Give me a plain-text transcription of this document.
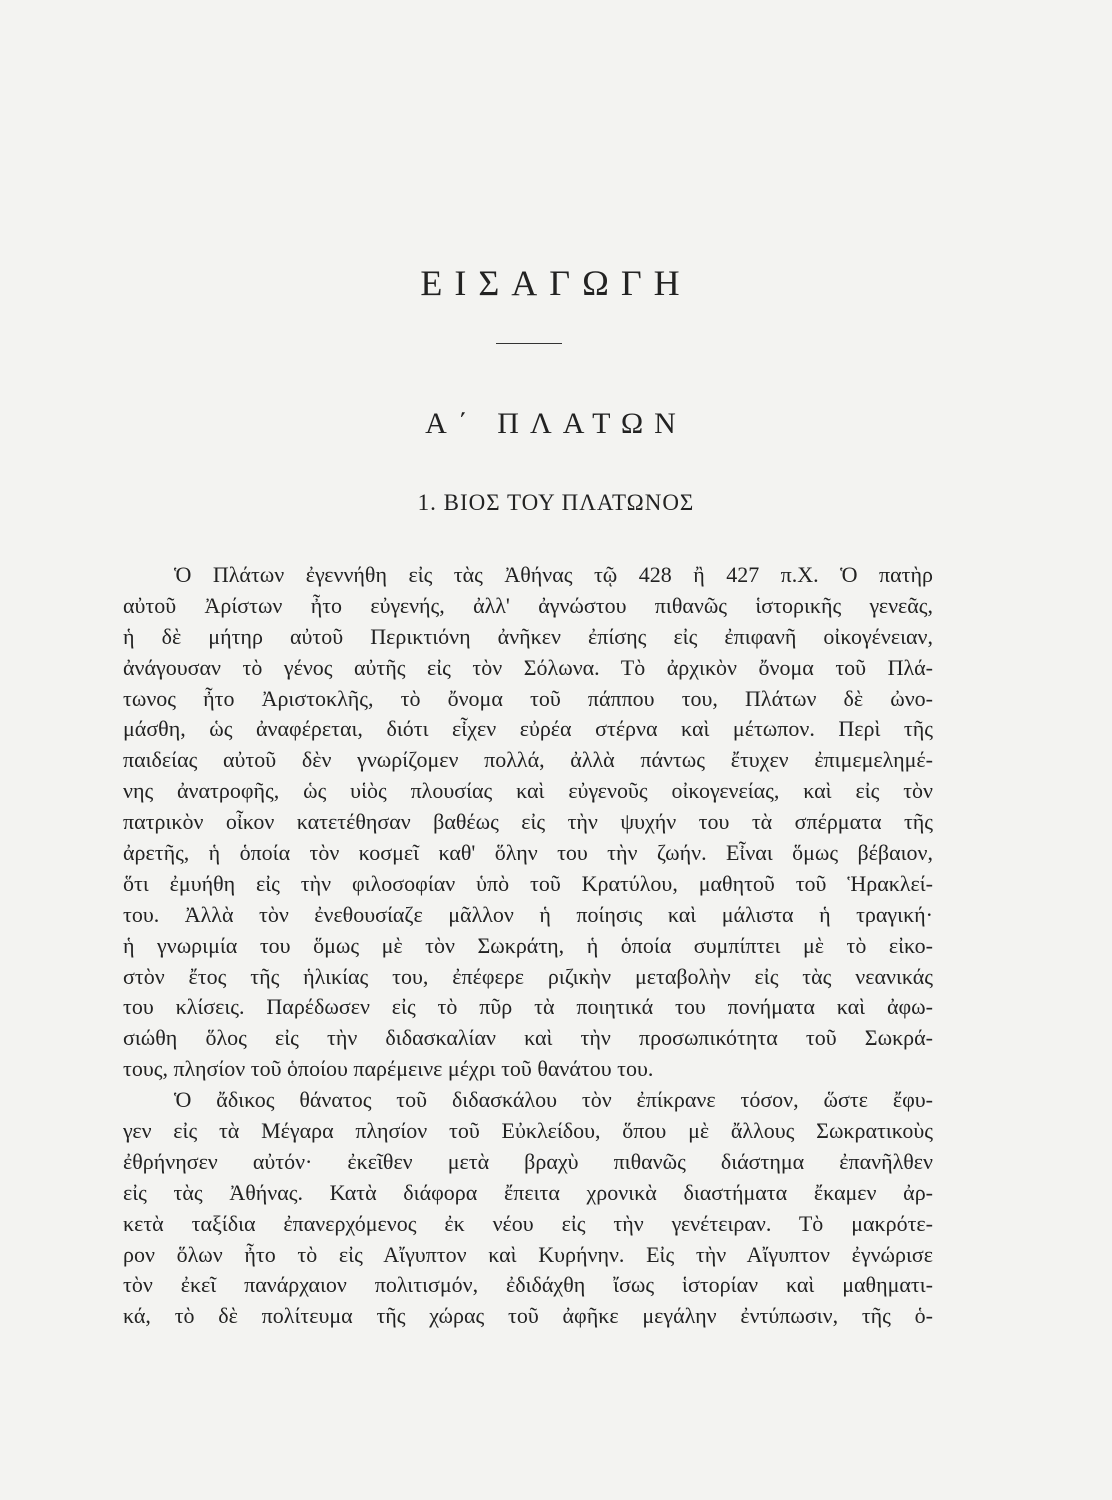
ΕΙΣΑΓΩΓΗ
Α΄ ΠΛΑΤΩΝ
1. ΒΙΟΣ ΤΟΥ ΠΛΑΤΩΝΟΣ
Ὁ Πλάτων ἐγεννήθη εἰς τὰς Ἀθήνας τῷ 428 ἢ 427 π.Χ. Ὁ πατὴρ
αὐτοῦ Ἀρίστων ἦτο εὐγενής, ἀλλ' ἀγνώστου πιθανῶς ἱστορικῆς γενεᾶς,
ἡ δὲ μήτηρ αὐτοῦ Περικτιόνη ἀνῆκεν ἐπίσης εἰς ἐπιφανῆ οἰκογένειαν,
ἀνάγουσαν τὸ γένος αὐτῆς εἰς τὸν Σόλωνα. Τὸ ἀρχικὸν ὄνομα τοῦ Πλά-
τωνος ἦτο Ἀριστοκλῆς, τὸ ὄνομα τοῦ πάππου του, Πλάτων δὲ ὠνο-
μάσθη, ὡς ἀναφέρεται, διότι εἶχεν εὐρέα στέρνα καὶ μέτωπον. Περὶ τῆς
παιδείας αὐτοῦ δὲν γνωρίζομεν πολλά, ἀλλὰ πάντως ἔτυχεν ἐπιμεμελημέ-
νης ἀνατροφῆς, ὡς υἱὸς πλουσίας καὶ εὐγενοῦς οἰκογενείας, καὶ εἰς τὸν
πατρικὸν οἶκον κατετέθησαν βαθέως εἰς τὴν ψυχήν του τὰ σπέρματα τῆς
ἀρετῆς, ἡ ὁποία τὸν κοσμεῖ καθ' ὅλην του τὴν ζωήν. Εἶναι ὅμως βέβαιον,
ὅτι ἐμυήθη εἰς τὴν φιλοσοφίαν ὑπὸ τοῦ Κρατύλου, μαθητοῦ τοῦ Ἡρακλεί-
του. Ἀλλὰ τὸν ἐνεθουσίαζε μᾶλλον ἡ ποίησις καὶ μάλιστα ἡ τραγική·
ἡ γνωριμία του ὅμως μὲ τὸν Σωκράτη, ἡ ὁποία συμπίπτει μὲ τὸ εἰκο-
στὸν ἔτος τῆς ἡλικίας του, ἐπέφερε ριζικὴν μεταβολὴν εἰς τὰς νεανικάς
του κλίσεις. Παρέδωσεν εἰς τὸ πῦρ τὰ ποιητικά του πονήματα καὶ ἀφω-
σιώθη ὅλος εἰς τὴν διδασκαλίαν καὶ τὴν προσωπικότητα τοῦ Σωκρά-
τους, πλησίον τοῦ ὁποίου παρέμεινε μέχρι τοῦ θανάτου του.
Ὁ ἄδικος θάνατος τοῦ διδασκάλου τὸν ἐπίκρανε τόσον, ὥστε ἔφυ-
γεν εἰς τὰ Μέγαρα πλησίον τοῦ Εὐκλείδου, ὅπου μὲ ἄλλους Σωκρατικοὺς
ἐθρήνησεν αὐτόν· ἐκεῖθεν μετὰ βραχὺ πιθανῶς διάστημα ἐπανῆλθεν
εἰς τὰς Ἀθήνας. Κατὰ διάφορα ἔπειτα χρονικὰ διαστήματα ἔκαμεν ἀρ-
κετὰ ταξίδια ἐπανερχόμενος ἐκ νέου εἰς τὴν γενέτειραν. Τὸ μακρότε-
ρον ὅλων ἦτο τὸ εἰς Αἴγυπτον καὶ Κυρήνην. Εἰς τὴν Αἴγυπτον ἐγνώρισε
τὸν ἐκεῖ πανάρχαιον πολιτισμόν, ἐδιδάχθη ἴσως ἱστορίαν καὶ μαθηματι-
κά, τὸ δὲ πολίτευμα τῆς χώρας τοῦ ἀφῆκε μεγάλην ἐντύπωσιν, τῆς ὁ-
